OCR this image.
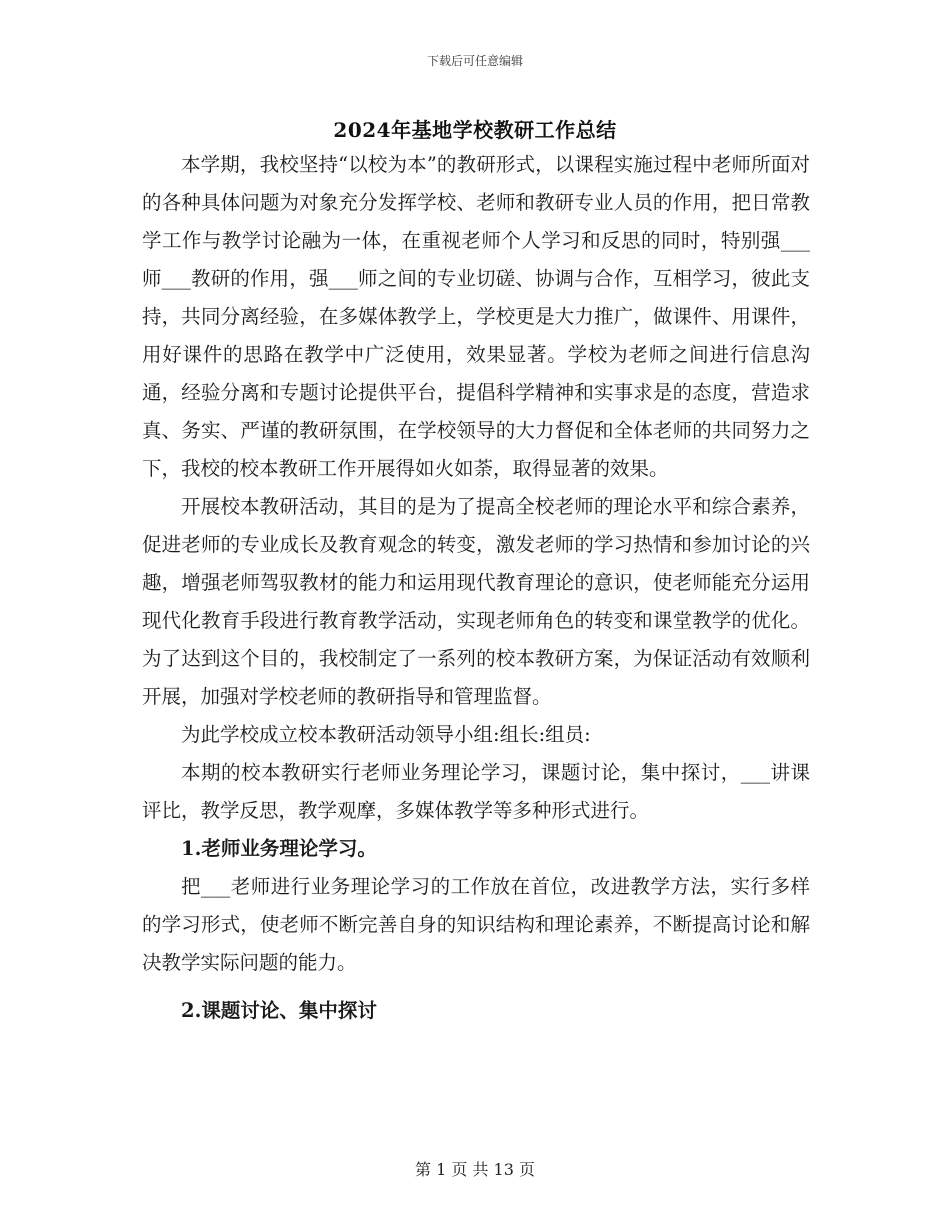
下载后可任意编辑
2024年基地学校教研工作总结

本学期，我校坚持“以校为本”的教研形式，以课程实施过程中老师所面对的各种具体问题为对象充分发挥学校、老师和教研专业人员的作用，把日常教学工作与教学讨论融为一体，在重视老师个人学习和反思的同时，特别强___师___教研的作用，强___师之间的专业切磋、协调与合作，互相学习，彼此支持，共同分离经验，在多媒体教学上，学校更是大力推广，做课件、用课件，用好课件的思路在教学中广泛使用，效果显著。学校为老师之间进行信息沟通，经验分离和专题讨论提供平台，提倡科学精神和实事求是的态度，营造求真、务实、严谨的教研氛围，在学校领导的大力督促和全体老师的共同努力之下，我校的校本教研工作开展得如火如荼，取得显著的效果。

开展校本教研活动，其目的是为了提高全校老师的理论水平和综合素养，促进老师的专业成长及教育观念的转变，激发老师的学习热情和参加讨论的兴趣，增强老师驾驭教材的能力和运用现代教育理论的意识，使老师能充分运用现代化教育手段进行教育教学活动，实现老师角色的转变和课堂教学的优化。为了达到这个目的，我校制定了一系列的校本教研方案，为保证活动有效顺利开展，加强对学校老师的教研指导和管理监督。

为此学校成立校本教研活动领导小组:组长:组员:

本期的校本教研实行老师业务理论学习，课题讨论，集中探讨，___讲课评比，教学反思，教学观摩，多媒体教学等多种形式进行。

1.老师业务理论学习。

把___老师进行业务理论学习的工作放在首位，改进教学方法，实行多样的学习形式，使老师不断完善自身的知识结构和理论素养，不断提高讨论和解决教学实际问题的能力。

2.课题讨论、集中探讨

第 1 页 共 13 页
